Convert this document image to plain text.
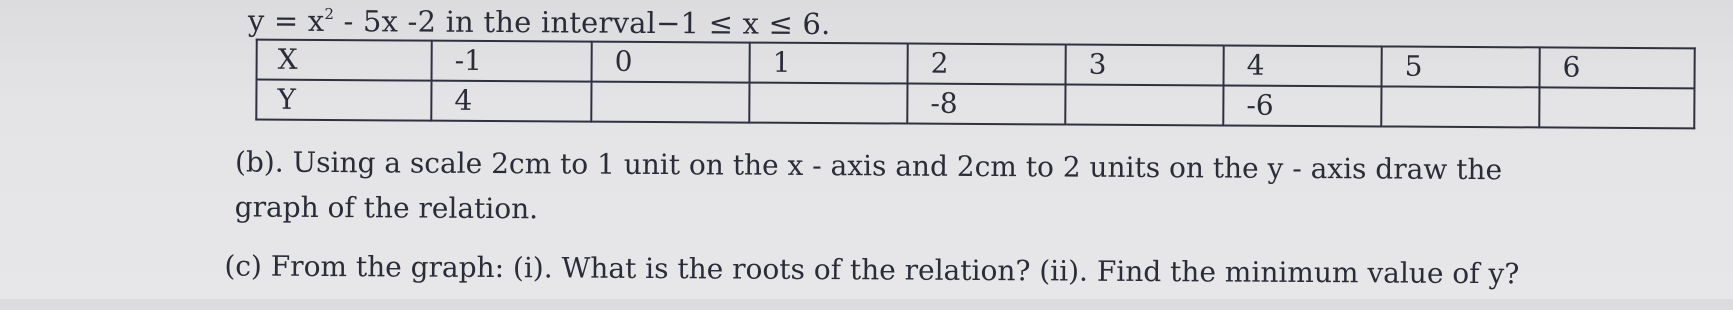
$y = x^2 - 5x$ -2 in the interval−1 ≤ x ≤ 6.
X	-1	0	1	2	3	4	5	6
Y	4			-8		-6		
(b). Using a scale 2cm to 1 unit on the x - axis and 2cm to 2 units on the y - axis draw the
graph of the relation.
(c) From the graph: (i). What is the roots of the relation? (ii). Find the minimum value of y?
